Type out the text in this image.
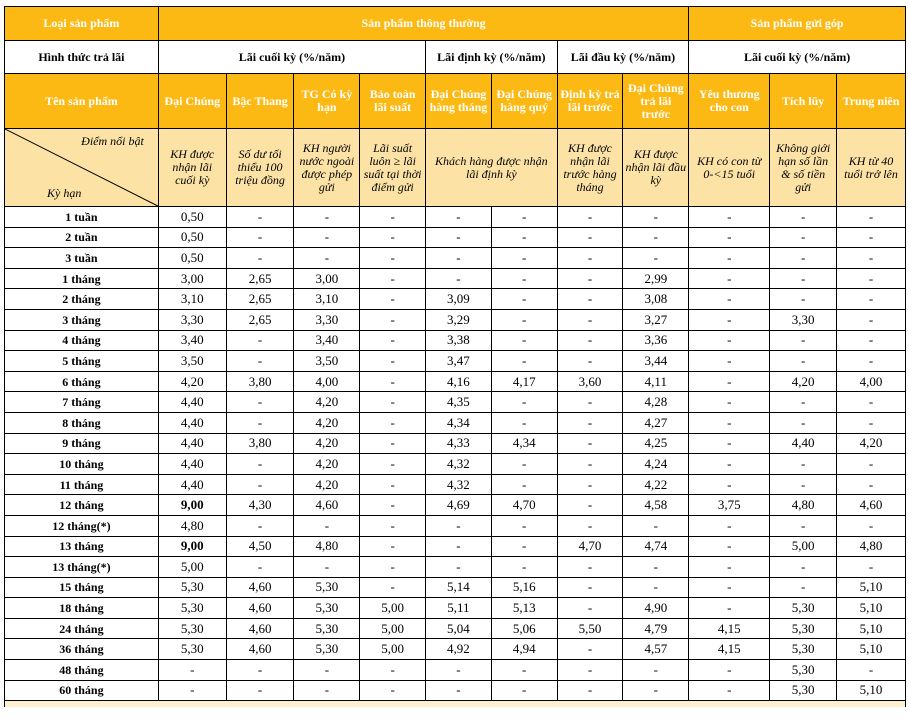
Loại sản phẩm	Sản phẩm thông thường								Sản phẩm gửi góp		
Hình thức trả lãi	Lãi cuối kỳ (%/năm)				Lãi định kỳ (%/năm)		Lãi đầu kỳ (%/năm)		Lãi cuối kỳ (%/năm)		
Tên sản phẩm	Đại Chúng	Bậc Thang	TG Có kỳ hạn	Bảo toàn lãi suất	Đại Chúng hàng tháng	Đại Chúng hàng quý	Định kỳ trả lãi trước	Đại Chúng trả lãi trước	Yêu thương cho con	Tích lũy	Trung niên

Điểm nổi bật
Kỳ hạn	KH được nhận lãi cuối kỳ	Số dư tối thiểu 100 triệu đồng	KH người nước ngoài được phép gửi	Lãi suất luôn ≥ lãi suất tại thời điểm gửi	Khách hàng được nhận lãi định kỳ		KH được nhận lãi trước hàng tháng	KH được nhận lãi đầu kỳ	KH có con từ 0-<15 tuổi	Không giới hạn số lần & số tiền gửi	KH từ 40 tuổi trở lên
1 tuần	0,50	-	-	-	-	-	-	-	-	-	-
2 tuần	0,50	-	-	-	-	-	-	-	-	-	-
3 tuần	0,50	-	-	-	-	-	-	-	-	-	-
1 tháng	3,00	2,65	3,00	-	-	-	-	2,99	-	-	-
2 tháng	3,10	2,65	3,10	-	3,09	-	-	3,08	-	-	-
3 tháng	3,30	2,65	3,30	-	3,29	-	-	3,27	-	3,30	-
4 tháng	3,40	-	3,40	-	3,38	-	-	3,36	-	-	-
5 tháng	3,50	-	3,50	-	3,47	-	-	3,44	-	-	-
6 tháng	4,20	3,80	4,00	-	4,16	4,17	3,60	4,11	-	4,20	4,00
7 tháng	4,40	-	4,20	-	4,35	-	-	4,28	-	-	-
8 tháng	4,40	-	4,20	-	4,34	-	-	4,27	-	-	-
9 tháng	4,40	3,80	4,20	-	4,33	4,34	-	4,25	-	4,40	4,20
10 tháng	4,40	-	4,20	-	4,32	-	-	4,24	-	-	-
11 tháng	4,40	-	4,20	-	4,32	-	-	4,22	-	-	-
12 tháng	9,00	4,30	4,60	-	4,69	4,70	-	4,58	3,75	4,80	4,60
12 tháng(*)	4,80	-	-	-	-	-	-	-	-	-	-
13 tháng	9,00	4,50	4,80	-	-	-	4,70	4,74	-	5,00	4,80
13 tháng(*)	5,00	-	-	-	-	-	-	-	-	-	-
15 tháng	5,30	4,60	5,30	-	5,14	5,16	-	-	-	-	5,10
18 tháng	5,30	4,60	5,30	5,00	5,11	5,13	-	4,90	-	5,30	5,10
24 tháng	5,30	4,60	5,30	5,00	5,04	5,06	5,50	4,79	4,15	5,30	5,10
36 tháng	5,30	4,60	5,30	5,00	4,92	4,94	-	4,57	4,15	5,30	5,10
48 tháng	-	-	-	-	-	-	-	-	-	5,30	-
60 tháng	-	-	-	-	-	-	-	-	-	5,30	5,10
